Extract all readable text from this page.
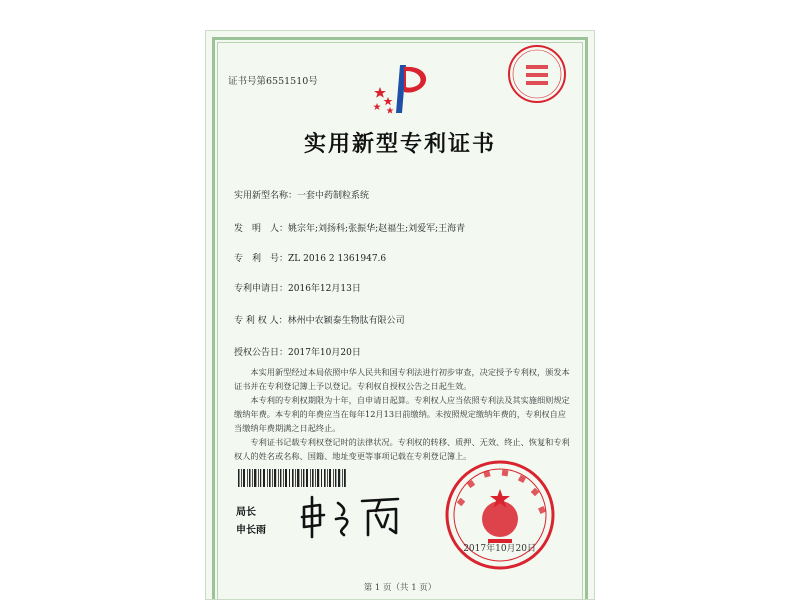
证书号第6551510号
实用新型专利证书
实用新型名称：一套中药制粒系统
发　明　人：姚宗年;刘扬科;张振华;赵福生;刘爱军;王海青
专　利　号：ZL 2016 2 1361947.6
专利申请日：2016年12月13日
专 利 权 人：林州中农颖泰生物肽有限公司
授权公告日：2017年10月20日

本实用新型经过本局依照中华人民共和国专利法进行初步审查，决定授予专利权，颁发本证书并在专利登记簿上予以登记。专利权自授权公告之日起生效。

本专利的专利权期限为十年，自申请日起算。专利权人应当依照专利法及其实施细则规定缴纳年费。本专利的年费应当在每年12月13日前缴纳。未按照规定缴纳年费的，专利权自应当缴纳年费期满之日起终止。

专利证书记载专利权登记时的法律状况。专利权的转移、质押、无效、终止、恢复和专利权人的姓名或名称、国籍、地址变更等事项记载在专利登记簿上。

局长
申长雨
2017年10月20日
第 1 页（共 1 页）
